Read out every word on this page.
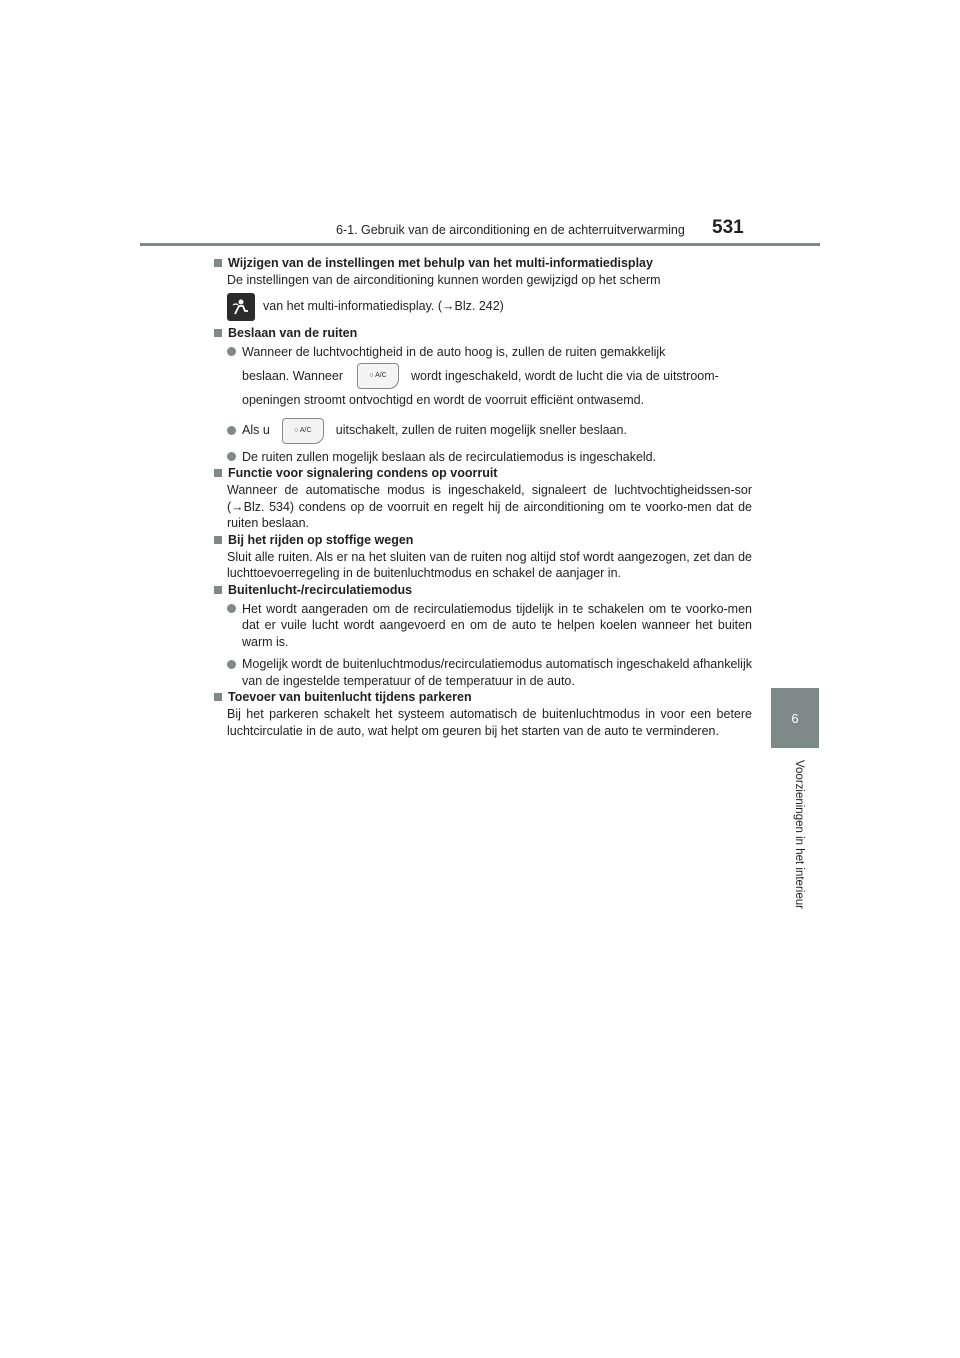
6-1. Gebruik van de airconditioning en de achterruitverwarming	531
6
Voorzieningen in het interieur
Wijzigen van de instellingen met behulp van het multi-informatiedisplay
De instellingen van de airconditioning kunnen worden gewijzigd op het scherm
van het multi-informatiedisplay. (→Blz. 242)
Beslaan van de ruiten
Wanneer de luchtvochtigheid in de auto hoog is, zullen de ruiten gemakkelijk
beslaan. Wanneer	○ A/C	wordt ingeschakeld, wordt de lucht die via de uitstroom-
openingen stroomt ontvochtigd en wordt de voorruit efficiënt ontwasemd.
Als u	○ A/C	uitschakelt, zullen de ruiten mogelijk sneller beslaan.
De ruiten zullen mogelijk beslaan als de recirculatiemodus is ingeschakeld.
Functie voor signalering condens op voorruit
Wanneer de automatische modus is ingeschakeld, signaleert de luchtvochtigheidssen-sor (→Blz. 534) condens op de voorruit en regelt hij de airconditioning om te voorko-men dat de ruiten beslaan.
Bij het rijden op stoffige wegen
Sluit alle ruiten. Als er na het sluiten van de ruiten nog altijd stof wordt aangezogen, zet dan de luchttoevoerregeling in de buitenluchtmodus en schakel de aanjager in.
Buitenlucht-/recirculatiemodus
Het wordt aangeraden om de recirculatiemodus tijdelijk in te schakelen om te voorko-men dat er vuile lucht wordt aangevoerd en om de auto te helpen koelen wanneer het buiten warm is.
Mogelijk wordt de buitenluchtmodus/recirculatiemodus automatisch ingeschakeld afhankelijk van de ingestelde temperatuur of de temperatuur in de auto.
Toevoer van buitenlucht tijdens parkeren
Bij het parkeren schakelt het systeem automatisch de buitenluchtmodus in voor een betere luchtcirculatie in de auto, wat helpt om geuren bij het starten van de auto te verminderen.
